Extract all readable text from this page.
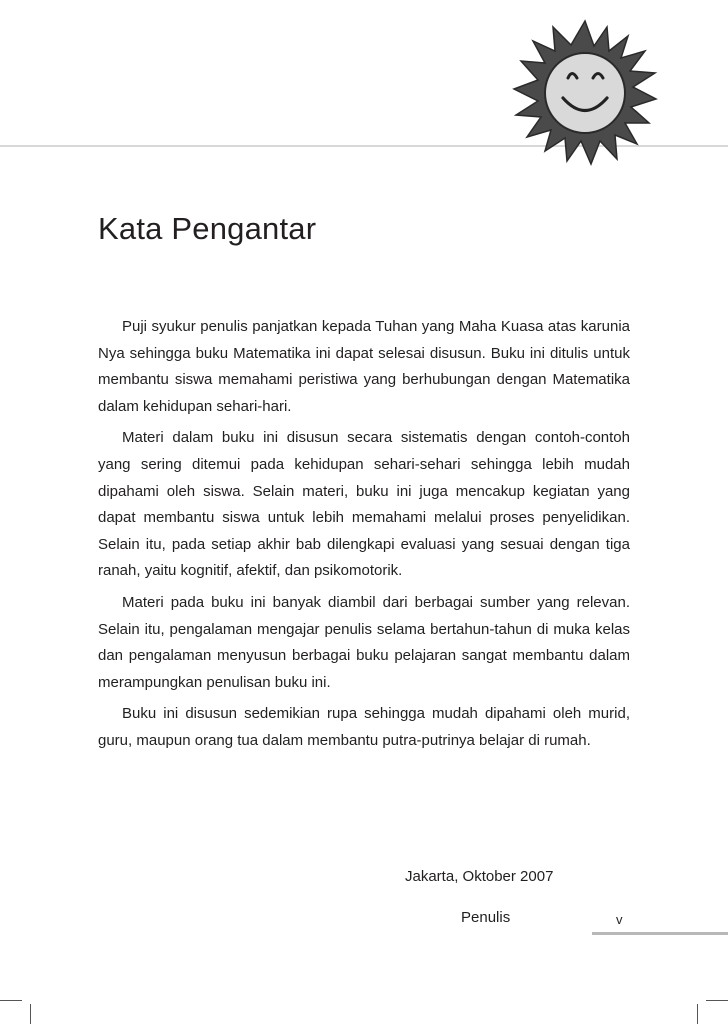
Kata Pengantar

Puji syukur penulis panjatkan kepada Tuhan yang Maha Kuasa atas karunia Nya sehingga buku Matematika ini dapat selesai disusun. Buku ini ditulis untuk membantu siswa memahami peristiwa yang berhubungan dengan Matematika dalam kehidupan sehari-hari.

Materi dalam buku ini disusun secara sistematis dengan contoh-contoh yang sering ditemui pada kehidupan sehari-sehari sehingga lebih mudah dipahami oleh siswa. Selain materi, buku ini juga mencakup kegiatan yang dapat membantu siswa untuk lebih memahami melalui proses penyelidikan. Selain itu, pada setiap akhir bab dilengkapi evaluasi yang sesuai dengan tiga ranah, yaitu kognitif, afektif, dan psikomotorik.

Materi pada buku ini banyak diambil dari berbagai sumber yang relevan. Selain itu, pengalaman mengajar penulis selama bertahun-tahun di muka kelas dan pengalaman menyusun berbagai buku pelajaran sangat membantu dalam merampungkan penulisan buku ini.

Buku ini disusun sedemikian rupa sehingga mudah dipahami oleh murid, guru, maupun orang tua dalam membantu putra-putrinya belajar di rumah.

Jakarta, Oktober 2007
Penulis	v
